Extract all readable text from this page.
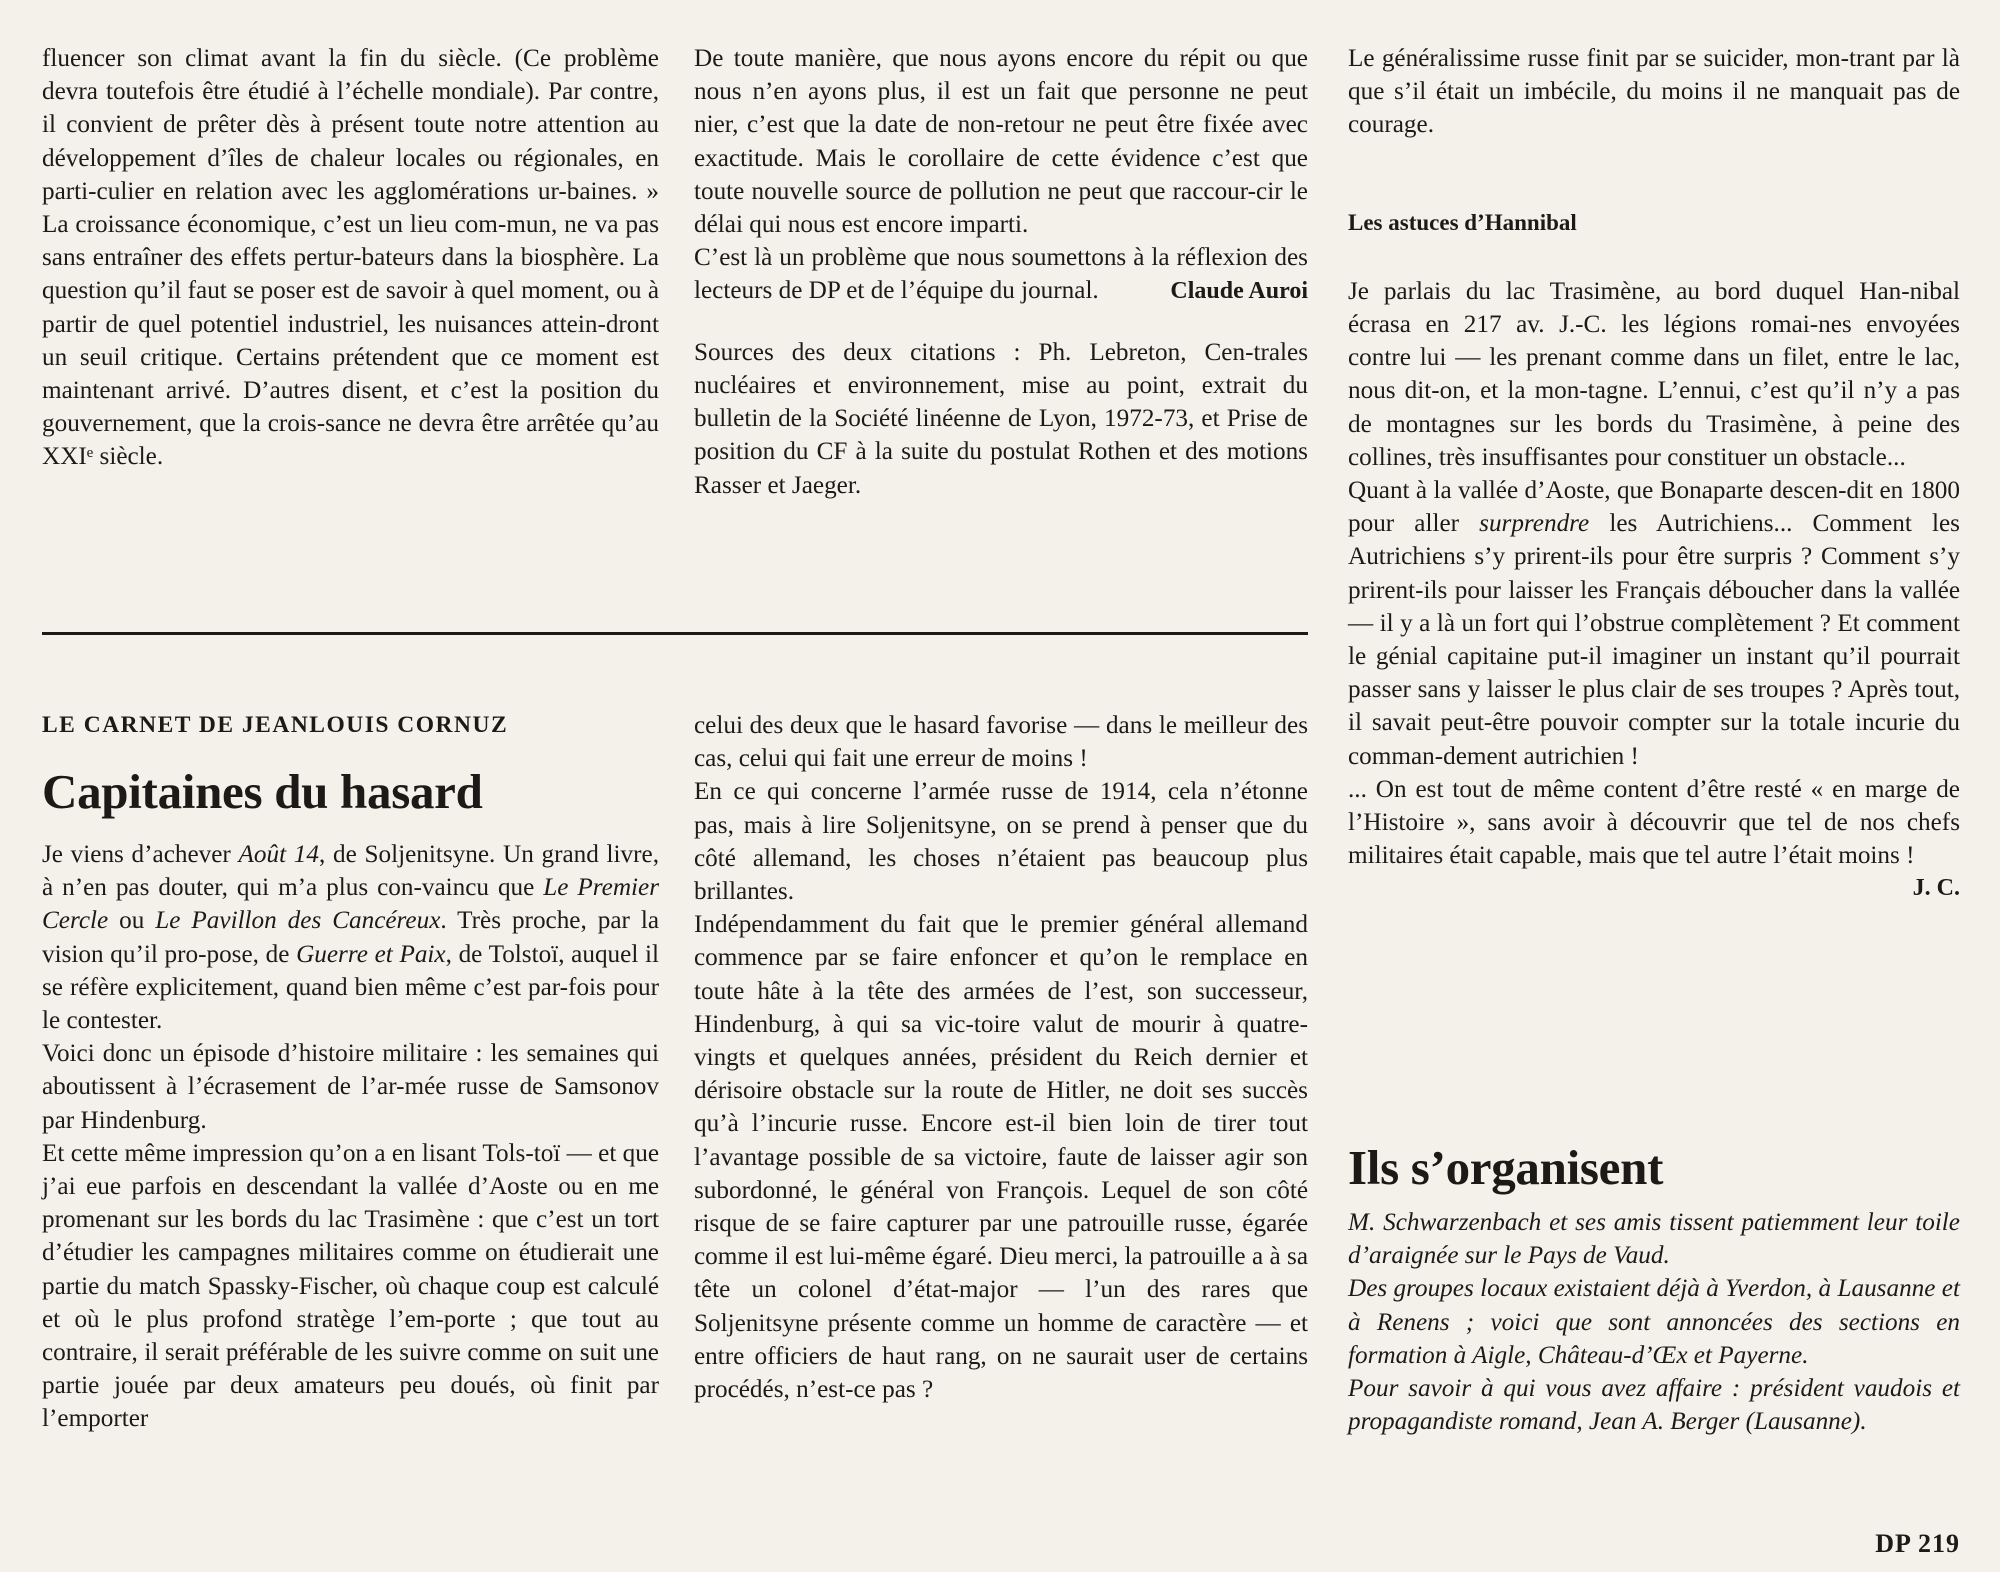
fluencer son climat avant la fin du siècle. (Ce problème devra toutefois être étudié à l’échelle mondiale). Par contre, il convient de prêter dès à présent toute notre attention au développement d’îles de chaleur locales ou régionales, en parti-culier en relation avec les agglomérations ur-baines. » La croissance économique, c’est un lieu com-mun, ne va pas sans entraîner des effets pertur-bateurs dans la biosphère. La question qu’il faut se poser est de savoir à quel moment, ou à partir de quel potentiel industriel, les nuisances attein-dront un seuil critique. Certains prétendent que ce moment est maintenant arrivé. D’autres disent, et c’est la position du gouvernement, que la crois-sance ne devra être arrêtée qu’au XXIᵉ siècle.

De toute manière, que nous ayons encore du répit ou que nous n’en ayons plus, il est un fait que personne ne peut nier, c’est que la date de non-retour ne peut être fixée avec exactitude. Mais le corollaire de cette évidence c’est que toute nouvelle source de pollution ne peut que raccour-cir le délai qui nous est encore imparti.

C’est là un problème que nous soumettons à la réflexion des lecteurs de DP et de l’équipe du journal.	Claude Auroi

Sources des deux citations : Ph. Lebreton, Cen-trales nucléaires et environnement, mise au point, extrait du bulletin de la Société linéenne de Lyon, 1972-73, et Prise de position du CF à la suite du postulat Rothen et des motions Rasser et Jaeger.

LE CARNET DE JEANLOUIS CORNUZ
Capitaines du hasard

Je viens d’achever Août 14, de Soljenitsyne. Un grand livre, à n’en pas douter, qui m’a plus con-vaincu que Le Premier Cercle ou Le Pavillon des Cancéreux. Très proche, par la vision qu’il pro-pose, de Guerre et Paix, de Tolstoï, auquel il se réfère explicitement, quand bien même c’est par-fois pour le contester.

Voici donc un épisode d’histoire militaire : les semaines qui aboutissent à l’écrasement de l’ar-mée russe de Samsonov par Hindenburg.

Et cette même impression qu’on a en lisant Tols-toï — et que j’ai eue parfois en descendant la vallée d’Aoste ou en me promenant sur les bords du lac Trasimène : que c’est un tort d’étudier les campagnes militaires comme on étudierait une partie du match Spassky-Fischer, où chaque coup est calculé et où le plus profond stratège l’em-porte ; que tout au contraire, il serait préférable de les suivre comme on suit une partie jouée par deux amateurs peu doués, où finit par l’emporter

celui des deux que le hasard favorise — dans le meilleur des cas, celui qui fait une erreur de moins !

En ce qui concerne l’armée russe de 1914, cela n’étonne pas, mais à lire Soljenitsyne, on se prend à penser que du côté allemand, les choses n’étaient pas beaucoup plus brillantes.

Indépendamment du fait que le premier général allemand commence par se faire enfoncer et qu’on le remplace en toute hâte à la tête des armées de l’est, son successeur, Hindenburg, à qui sa vic-toire valut de mourir à quatre-vingts et quelques années, président du Reich dernier et dérisoire obstacle sur la route de Hitler, ne doit ses succès qu’à l’incurie russe. Encore est-il bien loin de tirer tout l’avantage possible de sa victoire, faute de laisser agir son subordonné, le général von François. Lequel de son côté risque de se faire capturer par une patrouille russe, égarée comme il est lui-même égaré. Dieu merci, la patrouille a à sa tête un colonel d’état-major — l’un des rares que Soljenitsyne présente comme un homme de caractère — et entre officiers de haut rang, on ne saurait user de certains procédés, n’est-ce pas ?

Le généralissime russe finit par se suicider, mon-trant par là que s’il était un imbécile, du moins il ne manquait pas de courage.

Les astuces d’Hannibal

Je parlais du lac Trasimène, au bord duquel Han-nibal écrasa en 217 av. J.-C. les légions romai-nes envoyées contre lui — les prenant comme dans un filet, entre le lac, nous dit-on, et la mon-tagne. L’ennui, c’est qu’il n’y a pas de montagnes sur les bords du Trasimène, à peine des collines, très insuffisantes pour constituer un obstacle...

Quant à la vallée d’Aoste, que Bonaparte descen-dit en 1800 pour aller surprendre les Autrichiens... Comment les Autrichiens s’y prirent-ils pour être surpris ? Comment s’y prirent-ils pour laisser les Français déboucher dans la vallée — il y a là un fort qui l’obstrue complètement ? Et comment le génial capitaine put-il imaginer un instant qu’il pourrait passer sans y laisser le plus clair de ses troupes ? Après tout, il savait peut-être pouvoir compter sur la totale incurie du comman-dement autrichien !

... On est tout de même content d’être resté « en marge de l’Histoire », sans avoir à découvrir que tel de nos chefs militaires était capable, mais que tel autre l’était moins !

J. C.

Ils s’organisent

M. Schwarzenbach et ses amis tissent patiemment leur toile d’araignée sur le Pays de Vaud.

Des groupes locaux existaient déjà à Yverdon, à Lausanne et à Renens ; voici que sont annoncées des sections en formation à Aigle, Château-d’Œx et Payerne.

Pour savoir à qui vous avez affaire : président vaudois et propagandiste romand, Jean A. Berger (Lausanne).

DP 219
